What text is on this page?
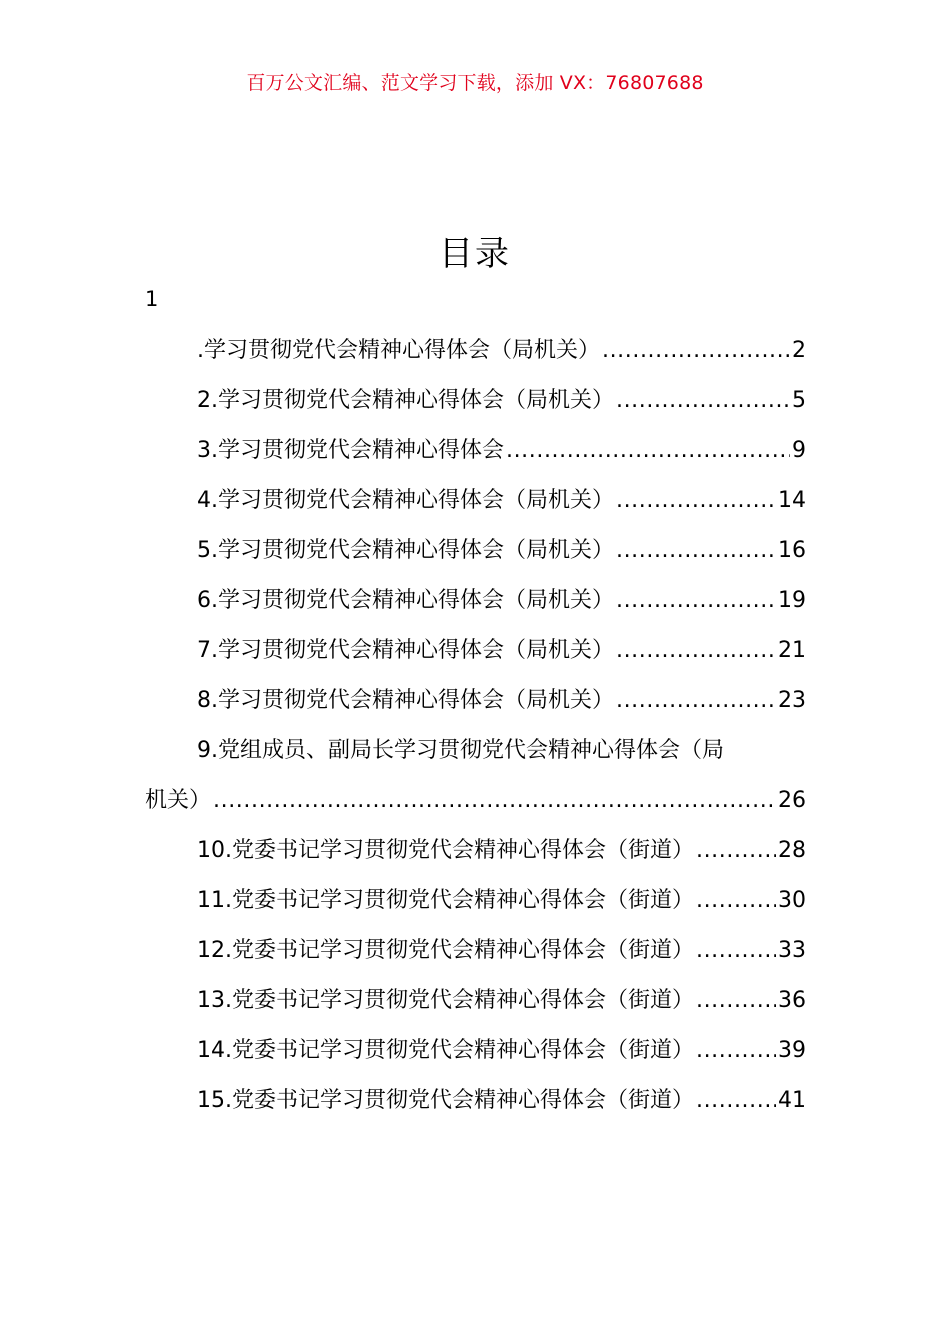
百万公文汇编、范文学习下载，添加 VX：76807688
目录
1
.学习贯彻党代会精神心得体会（局机关） .....	2
2.学习贯彻党代会精神心得体会（局机关） .....	5
3.学习贯彻党代会精神心得体会 .....	9
4.学习贯彻党代会精神心得体会（局机关） .....	14
5.学习贯彻党代会精神心得体会（局机关） .....	16
6.学习贯彻党代会精神心得体会（局机关） .....	19
7.学习贯彻党代会精神心得体会（局机关） .....	21
8.学习贯彻党代会精神心得体会（局机关） .....	23
9.党组成员、副局长学习贯彻党代会精神心得体会（局
机关） .....	26
10.党委书记学习贯彻党代会精神心得体会（街道） .....	28
11.党委书记学习贯彻党代会精神心得体会（街道） .....	30
12.党委书记学习贯彻党代会精神心得体会（街道） .....	33
13.党委书记学习贯彻党代会精神心得体会（街道） .....	36
14.党委书记学习贯彻党代会精神心得体会（街道） .....	39
15.党委书记学习贯彻党代会精神心得体会（街道） .....	41
